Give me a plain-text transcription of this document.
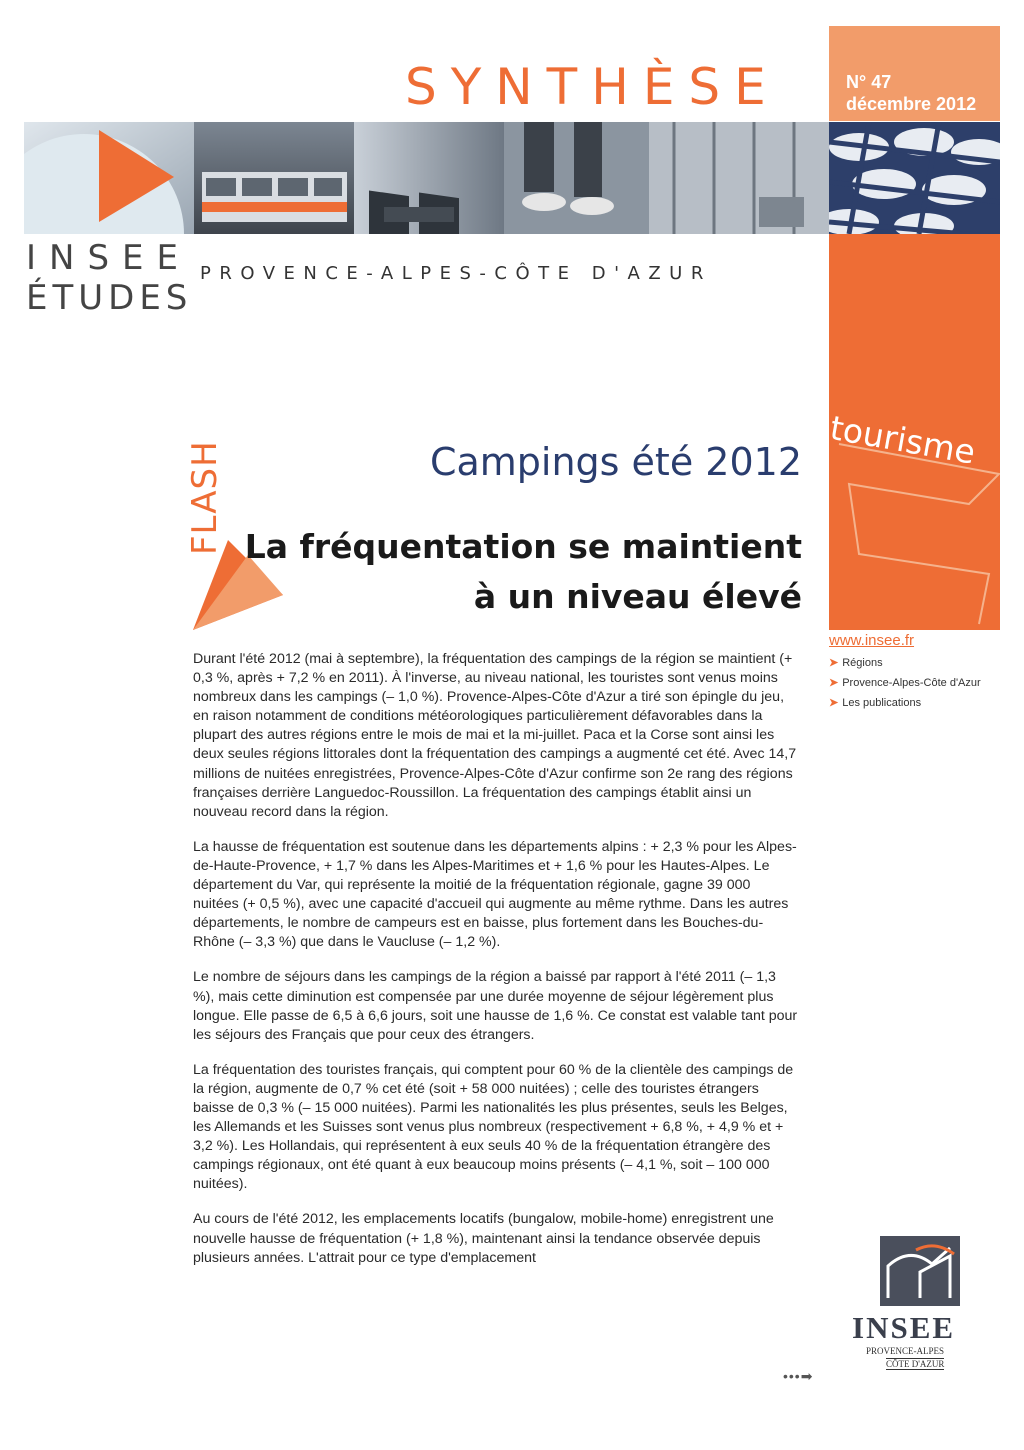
SYNTHÈSE	N° 47
décembre 2012
tourisme
INSEE
ÉTUDES
PROVENCE-ALPES-CÔTE D'AZUR
FLASH	Campings été 2012
La fréquentation se maintient
à un niveau élevé
www.insee.fr
➤ Régions
➤ Provence-Alpes-Côte d'Azur
➤ Les publications

Durant l'été 2012 (mai à septembre), la fréquentation des campings de la région se maintient (+ 0,3 %, après + 7,2 % en 2011). À l'inverse, au niveau national, les touristes sont venus moins nombreux dans les campings (– 1,0 %). Provence-Alpes-Côte d'Azur a tiré son épingle du jeu, en raison notamment de conditions météorologiques particulièrement défavorables dans la plupart des autres régions entre le mois de mai et la mi-juillet. Paca et la Corse sont ainsi les deux seules régions littorales dont la fréquentation des campings a augmenté cet été. Avec 14,7 millions de nuitées enregistrées, Provence-Alpes-Côte d'Azur confirme son 2e rang des régions françaises derrière Languedoc-Roussillon. La fréquentation des campings établit ainsi un nouveau record dans la région.

La hausse de fréquentation est soutenue dans les départements alpins : + 2,3 % pour les Alpes-de-Haute-Provence, + 1,7 % dans les Alpes-Maritimes et + 1,6 % pour les Hautes-Alpes. Le département du Var, qui représente la moitié de la fréquentation régionale, gagne 39 000 nuitées (+ 0,5 %), avec une capacité d'accueil qui augmente au même rythme. Dans les autres départements, le nombre de campeurs est en baisse, plus fortement dans les Bouches-du-Rhône (– 3,3 %) que dans le Vaucluse (– 1,2 %).

Le nombre de séjours dans les campings de la région a baissé par rapport à l'été 2011 (– 1,3 %), mais cette diminution est compensée par une durée moyenne de séjour légèrement plus longue. Elle passe de 6,5 à 6,6 jours, soit une hausse de 1,6 %. Ce constat est valable tant pour les séjours des Français que pour ceux des étrangers.

La fréquentation des touristes français, qui comptent pour 60 % de la clientèle des campings de la région, augmente de 0,7 % cet été (soit + 58 000 nuitées) ; celle des touristes étrangers baisse de 0,3 % (– 15 000 nuitées). Parmi les nationalités les plus présentes, seuls les Belges, les Allemands et les Suisses sont venus plus nombreux (respectivement + 6,8 %, + 4,9 % et + 3,2 %). Les Hollandais, qui représentent à eux seuls 40 % de la fréquentation étrangère des campings régionaux, ont été quant à eux beaucoup moins présents (– 4,1 %, soit – 100 000 nuitées).

Au cours de l'été 2012, les emplacements locatifs (bungalow, mobile-home) enregistrent une nouvelle hausse de fréquentation (+ 1,8 %), maintenant ainsi la tendance observée depuis plusieurs années. L'attrait pour ce type d'emplacement

INSEE
PROVENCE-ALPES
CÔTE D'AZUR
•••➡
